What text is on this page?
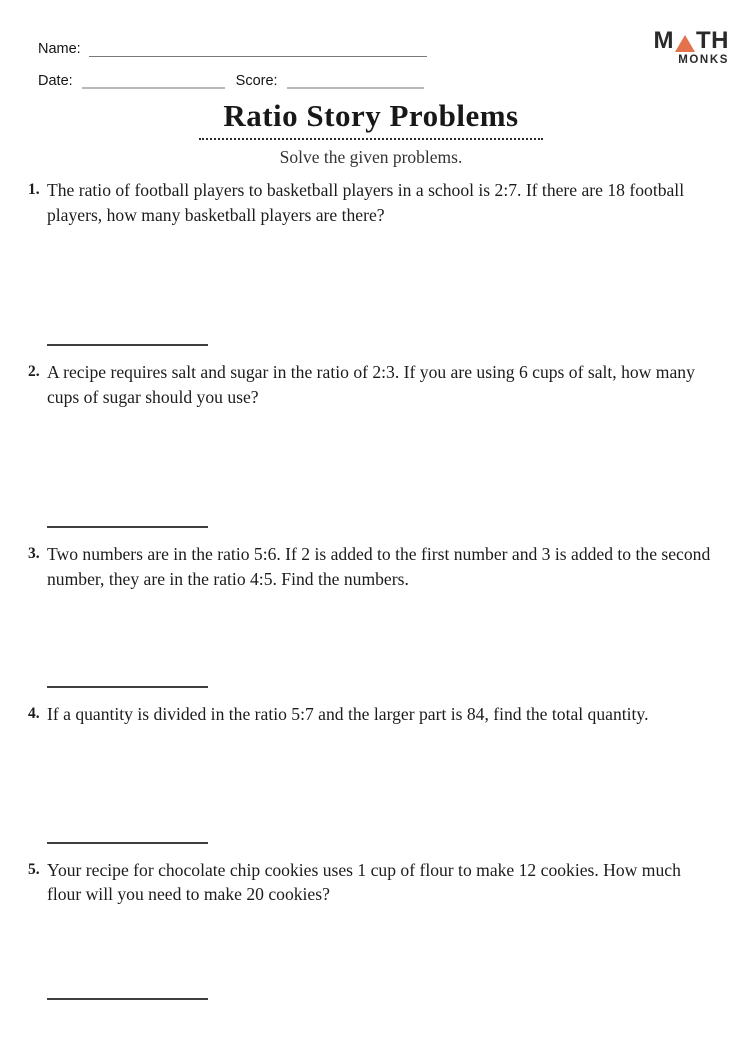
Name:
Date:	Score:
M TH
MONKS
Ratio Story Problems
Solve the given problems.
1. The ratio of football players to basketball players in a school is 2:7. If there are 18 football players, how many basketball players are there?

2. A recipe requires salt and sugar in the ratio of 2:3. If you are using 6 cups of salt, how many cups of sugar should you use?

3. Two numbers are in the ratio 5:6. If 2 is added to the first number and 3 is added to the second number, they are in the ratio 4:5. Find the numbers.

4. If a quantity is divided in the ratio 5:7 and the larger part is 84, find the total quantity.

5. Your recipe for chocolate chip cookies uses 1 cup of flour to make 12 cookies. How much flour will you need to make 20 cookies?
